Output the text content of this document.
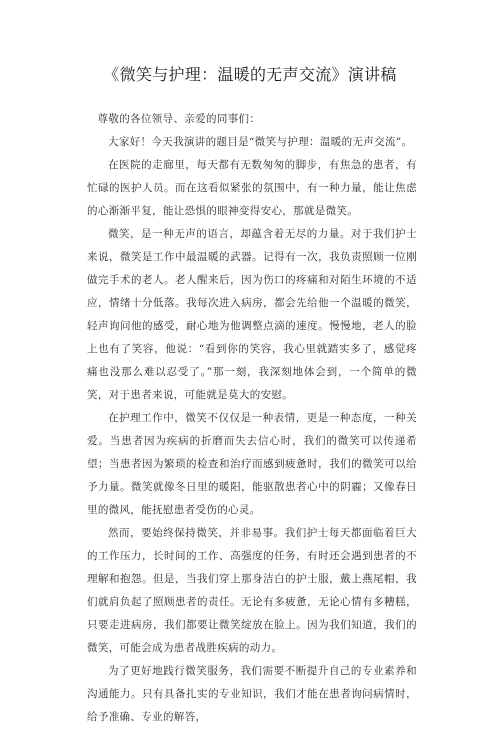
《微笑与护理：温暖的无声交流》演讲稿

尊敬的各位领导、亲爱的同事们：

大家好！今天我演讲的题目是“微笑与护理：温暖的无声交流”。

在医院的走廊里，每天都有无数匆匆的脚步，有焦急的患者，有忙碌的医护人员。而在这看似紧张的氛围中，有一种力量，能让焦虑的心渐渐平复，能让恐惧的眼神变得安心，那就是微笑。

微笑，是一种无声的语言，却蕴含着无尽的力量。对于我们护士来说，微笑是工作中最温暖的武器。记得有一次，我负责照顾一位刚做完手术的老人。老人醒来后，因为伤口的疼痛和对陌生环境的不适应，情绪十分低落。我每次进入病房，都会先给他一个温暖的微笑，轻声询问他的感受，耐心地为他调整点滴的速度。慢慢地，老人的脸上也有了笑容，他说：“看到你的笑容，我心里就踏实多了，感觉疼痛也没那么难以忍受了。”那一刻，我深刻地体会到，一个简单的微笑，对于患者来说，可能就是莫大的安慰。

在护理工作中，微笑不仅仅是一种表情，更是一种态度，一种关爱。当患者因为疾病的折磨而失去信心时，我们的微笑可以传递希望；当患者因为繁琐的检查和治疗而感到疲惫时，我们的微笑可以给予力量。微笑就像冬日里的暖阳，能驱散患者心中的阴霾；又像春日里的微风，能抚慰患者受伤的心灵。

然而，要始终保持微笑，并非易事。我们护士每天都面临着巨大的工作压力，长时间的工作、高强度的任务，有时还会遇到患者的不理解和抱怨。但是，当我们穿上那身洁白的护士服，戴上燕尾帽，我们就肩负起了照顾患者的责任。无论有多疲惫，无论心情有多糟糕，只要走进病房，我们都要让微笑绽放在脸上。因为我们知道，我们的微笑，可能会成为患者战胜疾病的动力。

为了更好地践行微笑服务，我们需要不断提升自己的专业素养和沟通能力。只有具备扎实的专业知识，我们才能在患者询问病情时，给予准确、专业的解答，
